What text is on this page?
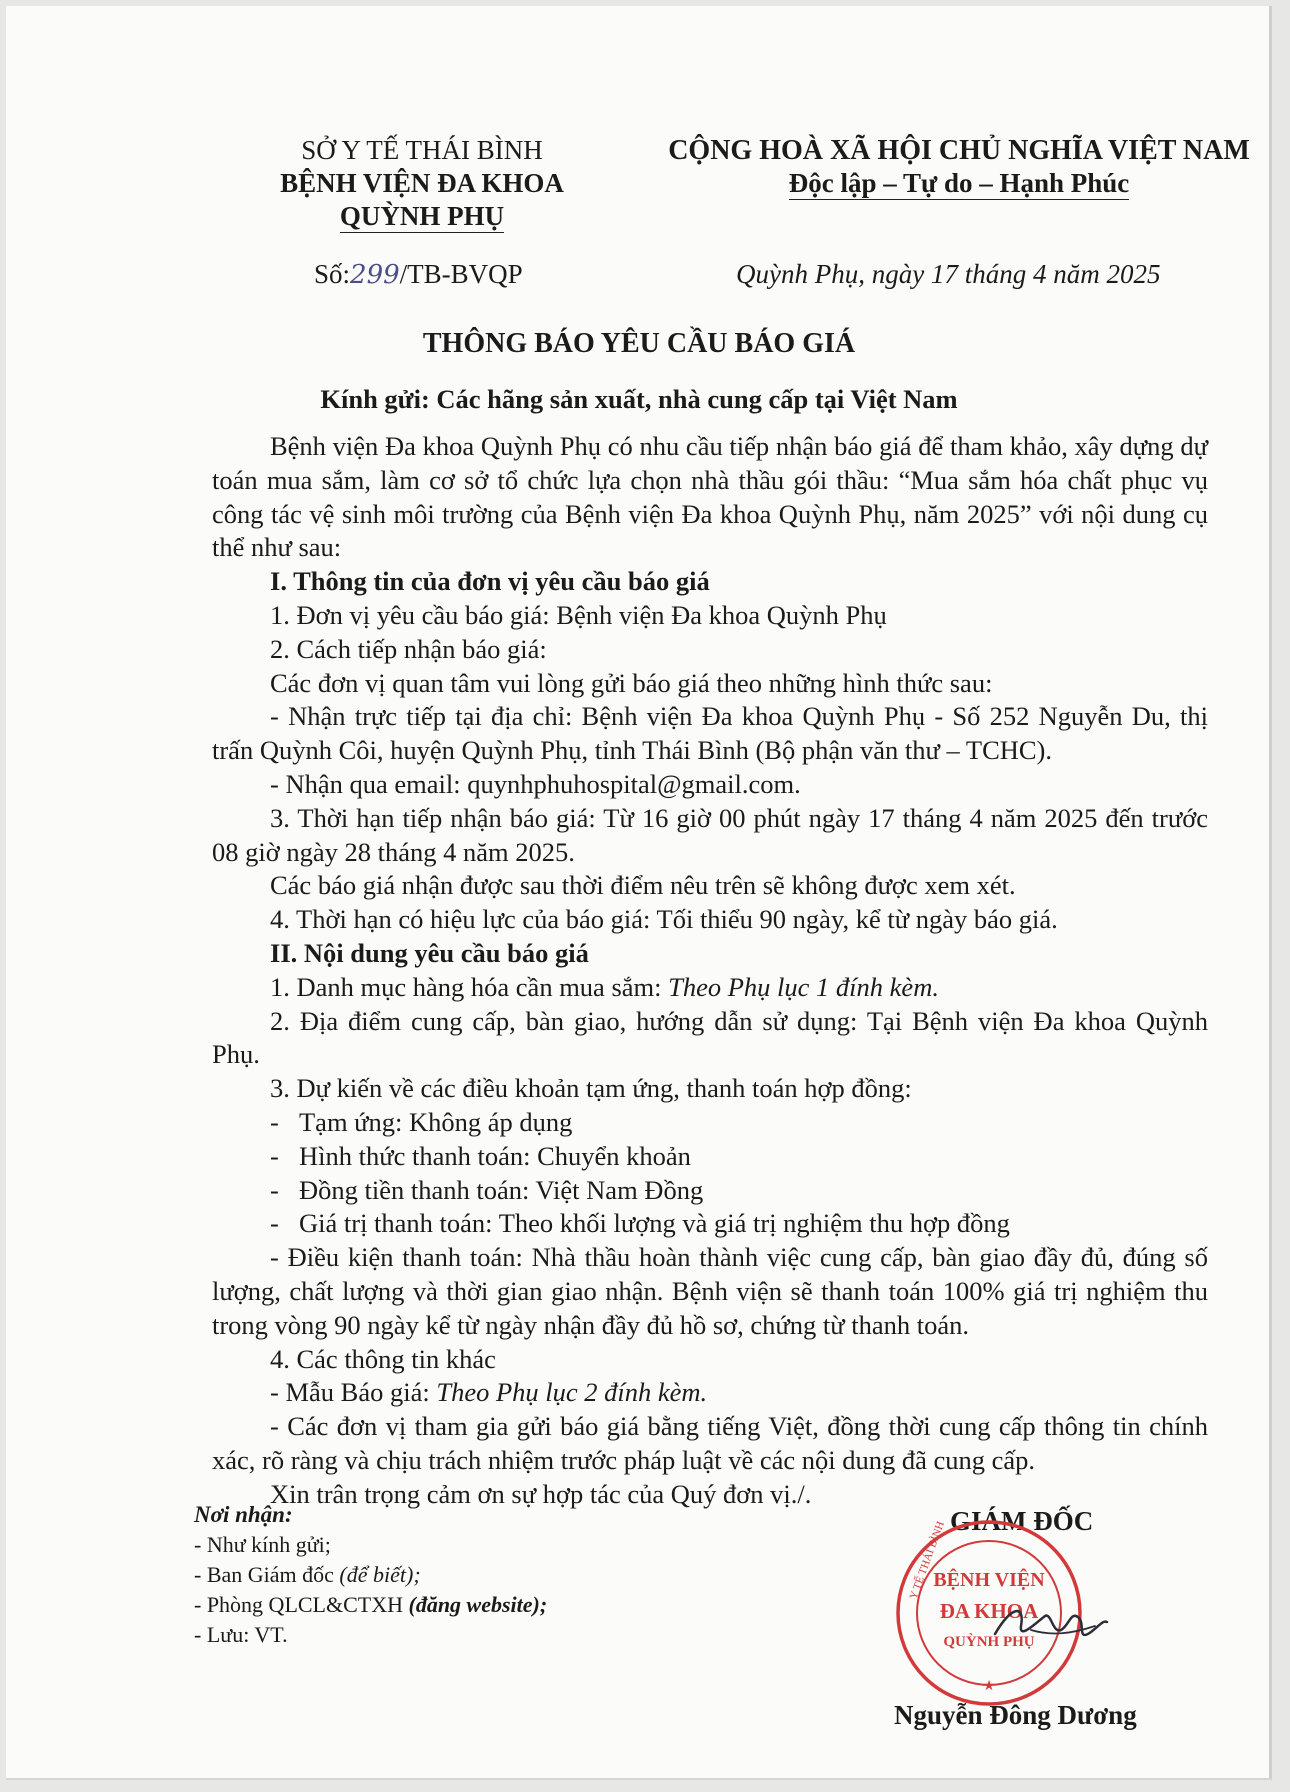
SỞ Y TẾ THÁI BÌNH
BỆNH VIỆN ĐA KHOA
QUỲNH PHỤ
CỘNG HOÀ XÃ HỘI CHỦ NGHĨA VIỆT NAM
Độc lập – Tự do – Hạnh Phúc
Số:299/TB-BVQP	Quỳnh Phụ, ngày 17 tháng 4 năm 2025
THÔNG BÁO YÊU CẦU BÁO GIÁ
Kính gửi: Các hãng sản xuất, nhà cung cấp tại Việt Nam

Bệnh viện Đa khoa Quỳnh Phụ có nhu cầu tiếp nhận báo giá để tham khảo, xây dựng dự toán mua sắm, làm cơ sở tổ chức lựa chọn nhà thầu gói thầu: “Mua sắm hóa chất phục vụ công tác vệ sinh môi trường của Bệnh viện Đa khoa Quỳnh Phụ, năm 2025” với nội dung cụ thể như sau:

I. Thông tin của đơn vị yêu cầu báo giá

1. Đơn vị yêu cầu báo giá: Bệnh viện Đa khoa Quỳnh Phụ

2. Cách tiếp nhận báo giá:

Các đơn vị quan tâm vui lòng gửi báo giá theo những hình thức sau:

- Nhận trực tiếp tại địa chỉ: Bệnh viện Đa khoa Quỳnh Phụ - Số 252 Nguyễn Du, thị trấn Quỳnh Côi, huyện Quỳnh Phụ, tỉnh Thái Bình (Bộ phận văn thư – TCHC).

- Nhận qua email: quynhphuhospital@gmail.com.

3. Thời hạn tiếp nhận báo giá: Từ 16 giờ 00 phút ngày 17 tháng 4 năm 2025 đến trước 08 giờ ngày 28 tháng 4 năm 2025.

Các báo giá nhận được sau thời điểm nêu trên sẽ không được xem xét.

4. Thời hạn có hiệu lực của báo giá: Tối thiểu 90 ngày, kể từ ngày báo giá.

II. Nội dung yêu cầu báo giá

1. Danh mục hàng hóa cần mua sắm: Theo Phụ lục 1 đính kèm.

2. Địa điểm cung cấp, bàn giao, hướng dẫn sử dụng: Tại Bệnh viện Đa khoa Quỳnh Phụ.

3. Dự kiến về các điều khoản tạm ứng, thanh toán hợp đồng:

- Tạm ứng: Không áp dụng

- Hình thức thanh toán: Chuyển khoản

- Đồng tiền thanh toán: Việt Nam Đồng

- Giá trị thanh toán: Theo khối lượng và giá trị nghiệm thu hợp đồng

- Điều kiện thanh toán: Nhà thầu hoàn thành việc cung cấp, bàn giao đầy đủ, đúng số lượng, chất lượng và thời gian giao nhận. Bệnh viện sẽ thanh toán 100% giá trị nghiệm thu trong vòng 90 ngày kể từ ngày nhận đầy đủ hồ sơ, chứng từ thanh toán.

4. Các thông tin khác

- Mẫu Báo giá: Theo Phụ lục 2 đính kèm.

- Các đơn vị tham gia gửi báo giá bằng tiếng Việt, đồng thời cung cấp thông tin chính xác, rõ ràng và chịu trách nhiệm trước pháp luật về các nội dung đã cung cấp.

Xin trân trọng cảm ơn sự hợp tác của Quý đơn vị./.

Nơi nhận:
- Như kính gửi;
- Ban Giám đốc (để biết);
- Phòng QLCL&CTXH (đăng website);
- Lưu: VT.
GIÁM ĐỐC
BỆNH VIỆN
ĐA KHOA
QUỲNH PHỤ
★
Y TẾ THÁI BÌNH
Nguyễn Đông Dương
